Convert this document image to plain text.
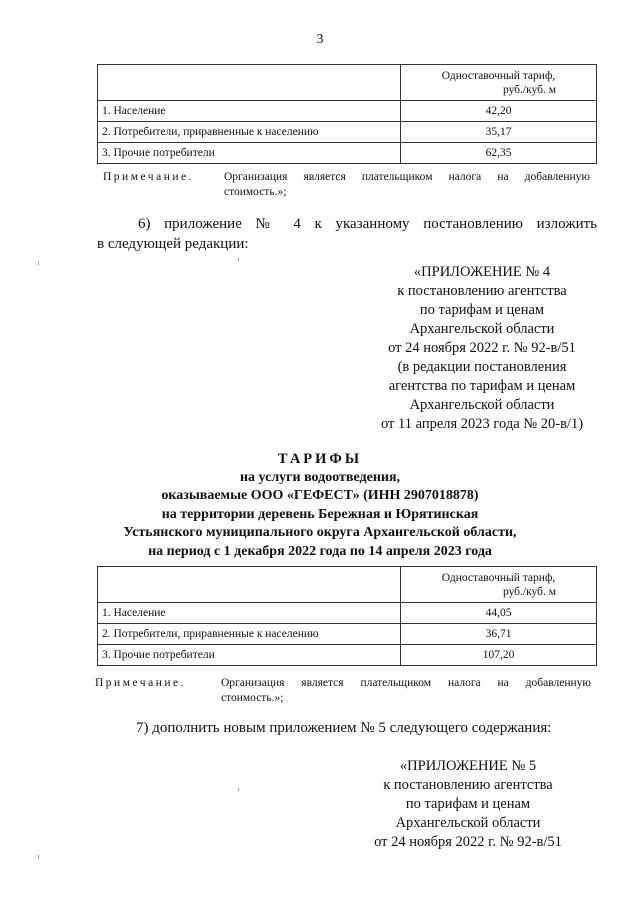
3

	Одноставочный тариф,
руб./куб. м

1. Население	42,20
2. Потребители, приравненные к населению	35,17
3. Прочие потребители	62,35
Примечание.	Организация является плательщиком налога на добавленную
стоимость.»;
6) приложение № 4 к указанному постановлению изложить
в следующей редакции:
«ПРИЛОЖЕНИЕ № 4
к постановлению агентства
по тарифам и ценам
Архангельской области
от 24 ноября 2022 г. № 92-в/51
(в редакции постановления
агентства по тарифам и ценам
Архангельской области
от 11 апреля 2023 года № 20-в/1)
ТАРИФЫ
на услуги водоотведения,
оказываемые ООО «ГЕФЕСТ» (ИНН 2907018878)
на территории деревень Бережная и Юрятинская
Устьянского муниципального округа Архангельской области,
на период с 1 декабря 2022 года по 14 апреля 2023 года

	Одноставочный тариф,
руб./куб. м

1. Население	44,05
2. Потребители, приравненные к населению	36,71
3. Прочие потребители	107,20
Примечание.	Организация является плательщиком налога на добавленную
стоимость.»;
7) дополнить новым приложением № 5 следующего содержания:
«ПРИЛОЖЕНИЕ № 5
к постановлению агентства
по тарифам и ценам
Архангельской области
от 24 ноября 2022 г. № 92-в/51
